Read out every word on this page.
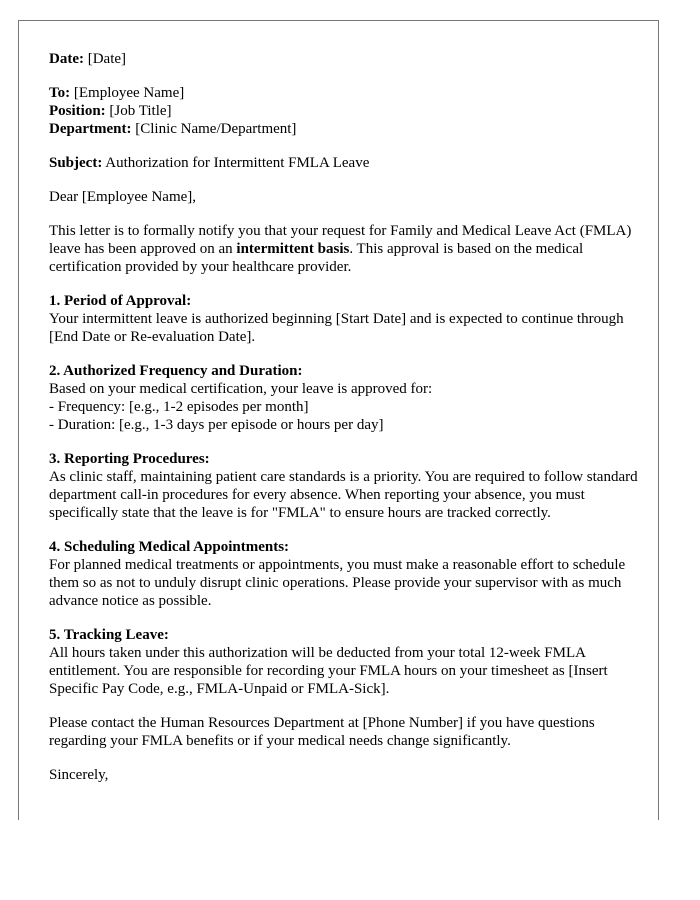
Date: [Date]
To: [Employee Name]
Position: [Job Title]
Department: [Clinic Name/Department]
Subject: Authorization for Intermittent FMLA Leave
Dear [Employee Name],
This letter is to formally notify you that your request for Family and Medical Leave Act (FMLA) leave has been approved on an intermittent basis. This approval is based on the medical certification provided by your healthcare provider.
1. Period of Approval:
Your intermittent leave is authorized beginning [Start Date] and is expected to continue through [End Date or Re-evaluation Date].
2. Authorized Frequency and Duration:
Based on your medical certification, your leave is approved for:
- Frequency: [e.g., 1-2 episodes per month]
- Duration: [e.g., 1-3 days per episode or hours per day]
3. Reporting Procedures:
As clinic staff, maintaining patient care standards is a priority. You are required to follow standard department call-in procedures for every absence. When reporting your absence, you must specifically state that the leave is for "FMLA" to ensure hours are tracked correctly.
4. Scheduling Medical Appointments:
For planned medical treatments or appointments, you must make a reasonable effort to schedule them so as not to unduly disrupt clinic operations. Please provide your supervisor with as much advance notice as possible.
5. Tracking Leave:
All hours taken under this authorization will be deducted from your total 12-week FMLA entitlement. You are responsible for recording your FMLA hours on your timesheet as [Insert Specific Pay Code, e.g., FMLA-Unpaid or FMLA-Sick].
Please contact the Human Resources Department at [Phone Number] if you have questions regarding your FMLA benefits or if your medical needs change significantly.
Sincerely,
